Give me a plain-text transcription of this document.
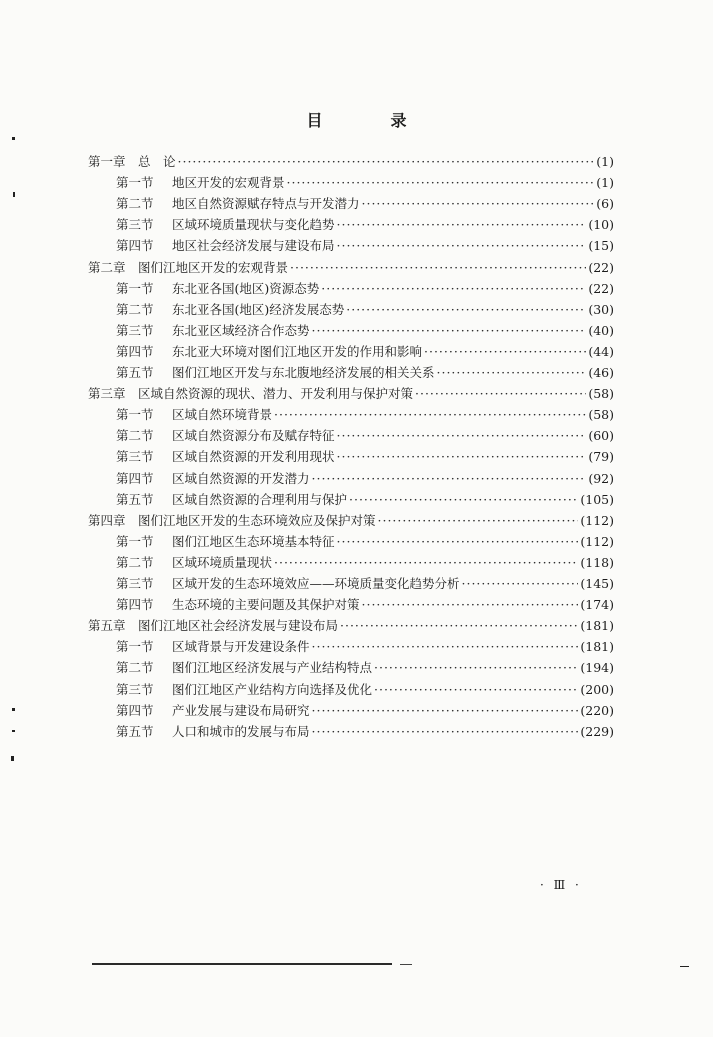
目　录
第一章 总　论 ·····	(1)
第一节	地区开发的宏观背景 ·····	(1)
第二节	地区自然资源赋存特点与开发潜力 ·····	(6)
第三节	区域环境质量现状与变化趋势 ·····	(10)
第四节	地区社会经济发展与建设布局 ·····	(15)
第二章 图们江地区开发的宏观背景 ·····	(22)
第一节	东北亚各国(地区)资源态势 ·····	(22)
第二节	东北亚各国(地区)经济发展态势 ·····	(30)
第三节	东北亚区域经济合作态势 ·····	(40)
第四节	东北亚大环境对图们江地区开发的作用和影响 ·····	(44)
第五节	图们江地区开发与东北腹地经济发展的相关关系 ·····	(46)
第三章 区域自然资源的现状、潜力、开发利用与保护对策 ·····	(58)
第一节	区域自然环境背景 ·····	(58)
第二节	区域自然资源分布及赋存特征 ·····	(60)
第三节	区域自然资源的开发利用现状 ·····	(79)
第四节	区域自然资源的开发潜力 ·····	(92)
第五节	区域自然资源的合理利用与保护 ·····	(105)
第四章 图们江地区开发的生态环境效应及保护对策 ·····	(112)
第一节	图们江地区生态环境基本特征 ·····	(112)
第二节	区域环境质量现状 ·····	(118)
第三节	区域开发的生态环境效应——环境质量变化趋势分析 ·····	(145)
第四节	生态环境的主要问题及其保护对策 ·····	(174)
第五章 图们江地区社会经济发展与建设布局 ·····	(181)
第一节	区域背景与开发建设条件 ·····	(181)
第二节	图们江地区经济发展与产业结构特点 ·····	(194)
第三节	图们江地区产业结构方向选择及优化 ·····	(200)
第四节	产业发展与建设布局研究 ·····	(220)
第五节	人口和城市的发展与布局 ·····	(229)
· Ⅲ ·
